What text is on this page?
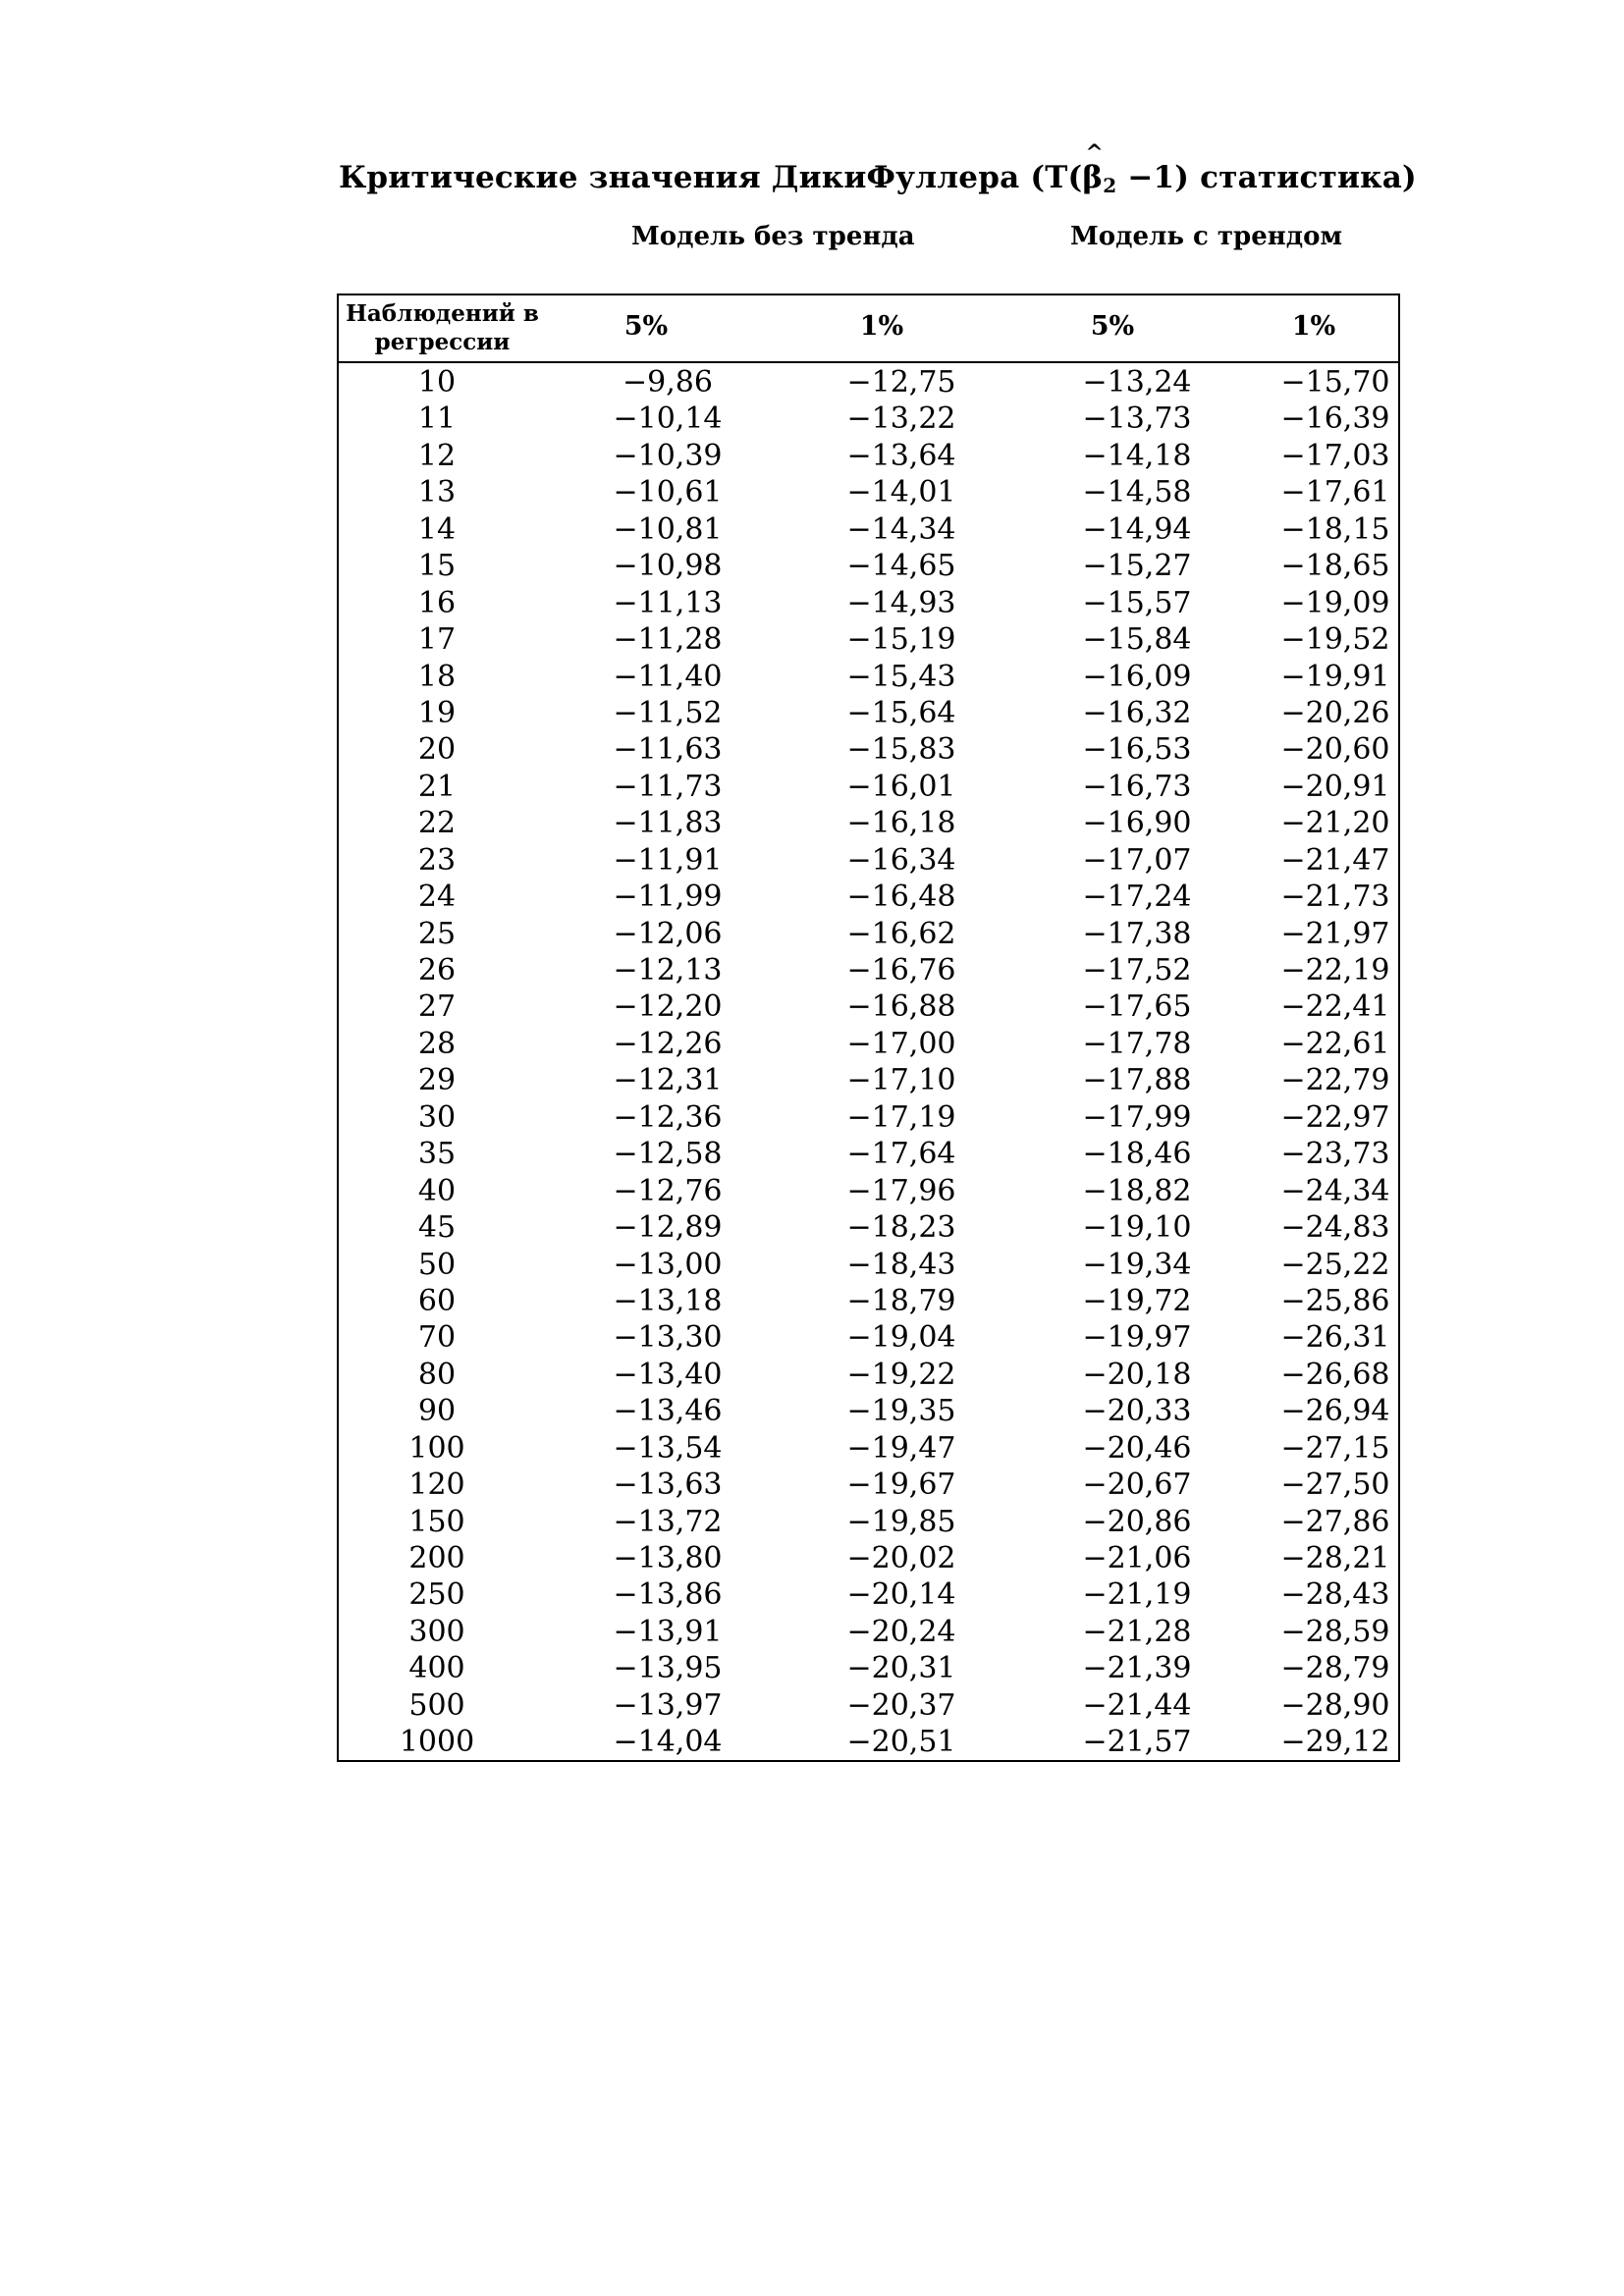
Критические значения ДикиФуллера (T(
^
$\beta_2 -1$) статистика)
Модель без тренда	Модель с трендом
Наблюдений в регрессии
5%	1%	5%	1%
10	−9,86	−12,75	−13,24	−15,70
11	−10,14	−13,22	−13,73	−16,39
12	−10,39	−13,64	−14,18	−17,03
13	−10,61	−14,01	−14,58	−17,61
14	−10,81	−14,34	−14,94	−18,15
15	−10,98	−14,65	−15,27	−18,65
16	−11,13	−14,93	−15,57	−19,09
17	−11,28	−15,19	−15,84	−19,52
18	−11,40	−15,43	−16,09	−19,91
19	−11,52	−15,64	−16,32	−20,26
20	−11,63	−15,83	−16,53	−20,60
21	−11,73	−16,01	−16,73	−20,91
22	−11,83	−16,18	−16,90	−21,20
23	−11,91	−16,34	−17,07	−21,47
24	−11,99	−16,48	−17,24	−21,73
25	−12,06	−16,62	−17,38	−21,97
26	−12,13	−16,76	−17,52	−22,19
27	−12,20	−16,88	−17,65	−22,41
28	−12,26	−17,00	−17,78	−22,61
29	−12,31	−17,10	−17,88	−22,79
30	−12,36	−17,19	−17,99	−22,97
35	−12,58	−17,64	−18,46	−23,73
40	−12,76	−17,96	−18,82	−24,34
45	−12,89	−18,23	−19,10	−24,83
50	−13,00	−18,43	−19,34	−25,22
60	−13,18	−18,79	−19,72	−25,86
70	−13,30	−19,04	−19,97	−26,31
80	−13,40	−19,22	−20,18	−26,68
90	−13,46	−19,35	−20,33	−26,94
100	−13,54	−19,47	−20,46	−27,15
120	−13,63	−19,67	−20,67	−27,50
150	−13,72	−19,85	−20,86	−27,86
200	−13,80	−20,02	−21,06	−28,21
250	−13,86	−20,14	−21,19	−28,43
300	−13,91	−20,24	−21,28	−28,59
400	−13,95	−20,31	−21,39	−28,79
500	−13,97	−20,37	−21,44	−28,90
1000	−14,04	−20,51	−21,57	−29,12
